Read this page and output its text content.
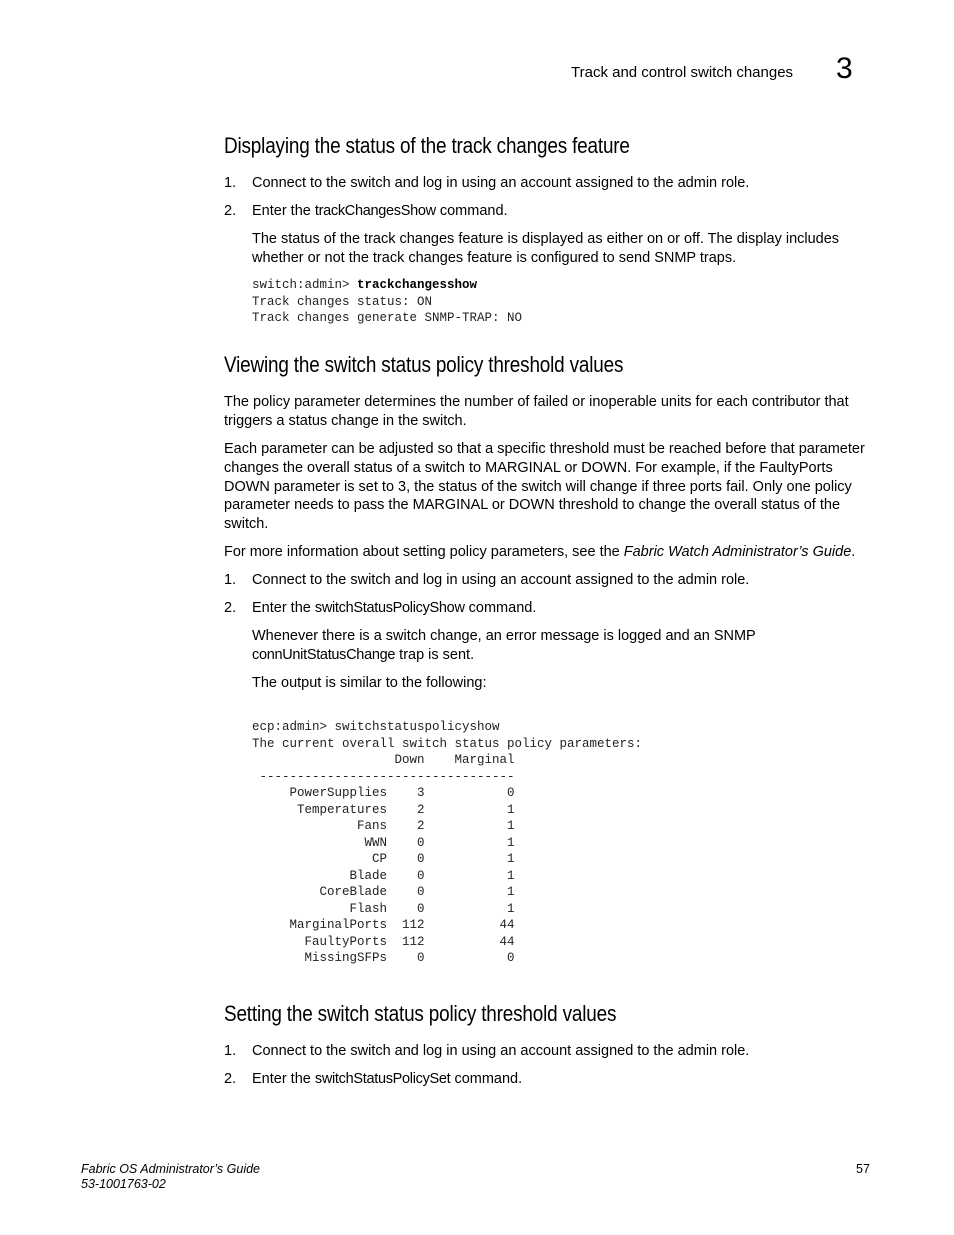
Track and control switch changes 3
Displaying the status of the track changes feature
1. Connect to the switch and log in using an account assigned to the admin role.
2. Enter the trackChangesShow command.

The status of the track changes feature is displayed as either on or off. The display includes whether or not the track changes feature is configured to send SNMP traps.

switch:admin> trackchangesshow
Track changes status: ON
Track changes generate SNMP-TRAP: NO
Viewing the switch status policy threshold values

The policy parameter determines the number of failed or inoperable units for each contributor that triggers a status change in the switch.

Each parameter can be adjusted so that a specific threshold must be reached before that parameter changes the overall status of a switch to MARGINAL or DOWN. For example, if the FaultyPorts DOWN parameter is set to 3, the status of the switch will change if three ports fail. Only one policy parameter needs to pass the MARGINAL or DOWN threshold to change the overall status of the switch.

For more information about setting policy parameters, see the Fabric Watch Administrator’s Guide.

1. Connect to the switch and log in using an account assigned to the admin role.
2. Enter the switchStatusPolicyShow command.

Whenever there is a switch change, an error message is logged and an SNMP connUnitStatusChange trap is sent.

The output is similar to the following:

ecp:admin> switchstatuspolicyshow
The current overall switch status policy parameters:
Down    Marginal
----------------------------------
PowerSupplies    3           0
Temperatures    2           1
Fans    2           1
WWN    0           1
CP    0           1
Blade    0           1
CoreBlade    0           1
Flash    0           1
MarginalPorts  112          44
FaultyPorts  112          44
MissingSFPs    0           0
Setting the switch status policy threshold values
1. Connect to the switch and log in using an account assigned to the admin role.
2. Enter the switchStatusPolicySet command.
Fabric OS Administrator’s Guide
53-1001763-02
57
